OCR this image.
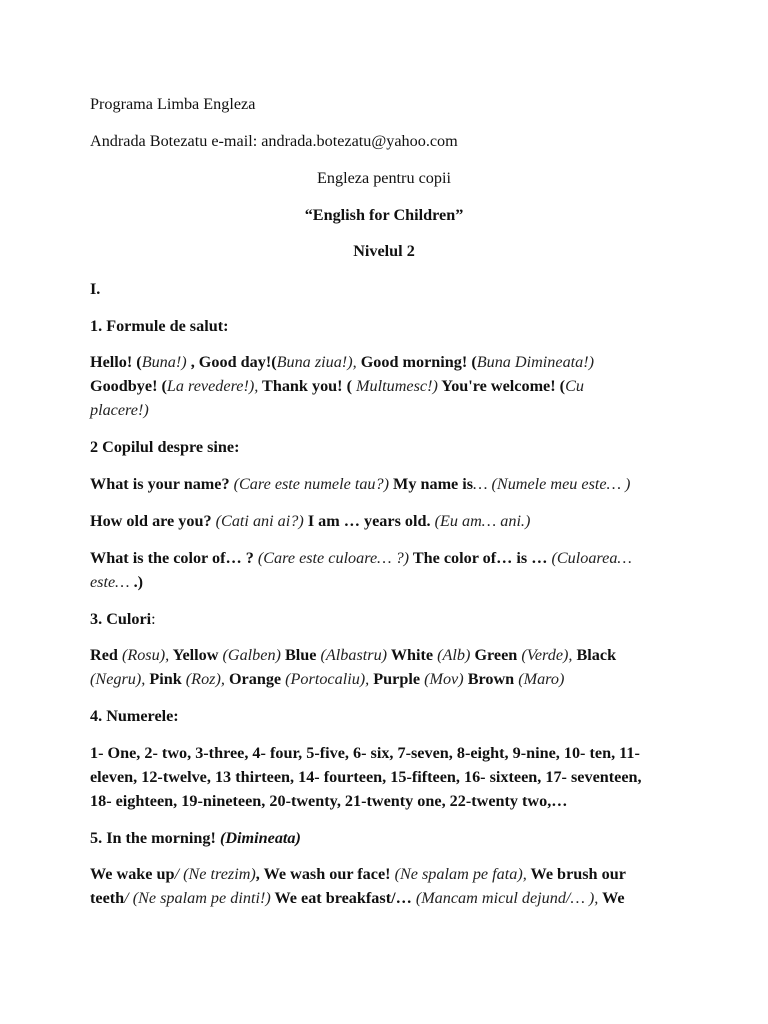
Programa Limba Engleza
Andrada Botezatu e-mail: andrada.botezatu@yahoo.com
Engleza pentru copii
“English for Children”
Nivelul 2
I.
1. Formule de salut:
Hello! (Buna!) , Good day!(Buna ziua!), Good morning! (Buna Dimineata!)
Goodbye! (La revedere!), Thank you! ( Multumesc!) You're welcome! (Cu
placere!)
2 Copilul despre sine:
What is your name? (Care este numele tau?) My name is… (Numele meu este… )
How old are you? (Cati ani ai?) I am … years old. (Eu am… ani.)
What is the color of… ? (Care este culoare… ?) The color of… is … (Culoarea…
este… .)
3. Culori:
Red (Rosu), Yellow (Galben) Blue (Albastru) White (Alb) Green (Verde), Black
(Negru), Pink (Roz), Orange (Portocaliu), Purple (Mov) Brown (Maro)
4. Numerele:
1- One, 2- two, 3-three, 4- four, 5-five, 6- six, 7-seven, 8-eight, 9-nine, 10- ten, 11-
eleven, 12-twelve, 13 thirteen, 14- fourteen, 15-fifteen, 16- sixteen, 17- seventeen,
18- eighteen, 19-nineteen, 20-twenty, 21-twenty one, 22-twenty two,…
5. In the morning! (Dimineata)
We wake up/ (Ne trezim), We wash our face! (Ne spalam pe fata), We brush our
teeth/ (Ne spalam pe dinti!) We eat breakfast/… (Mancam micul dejund/… ), We
